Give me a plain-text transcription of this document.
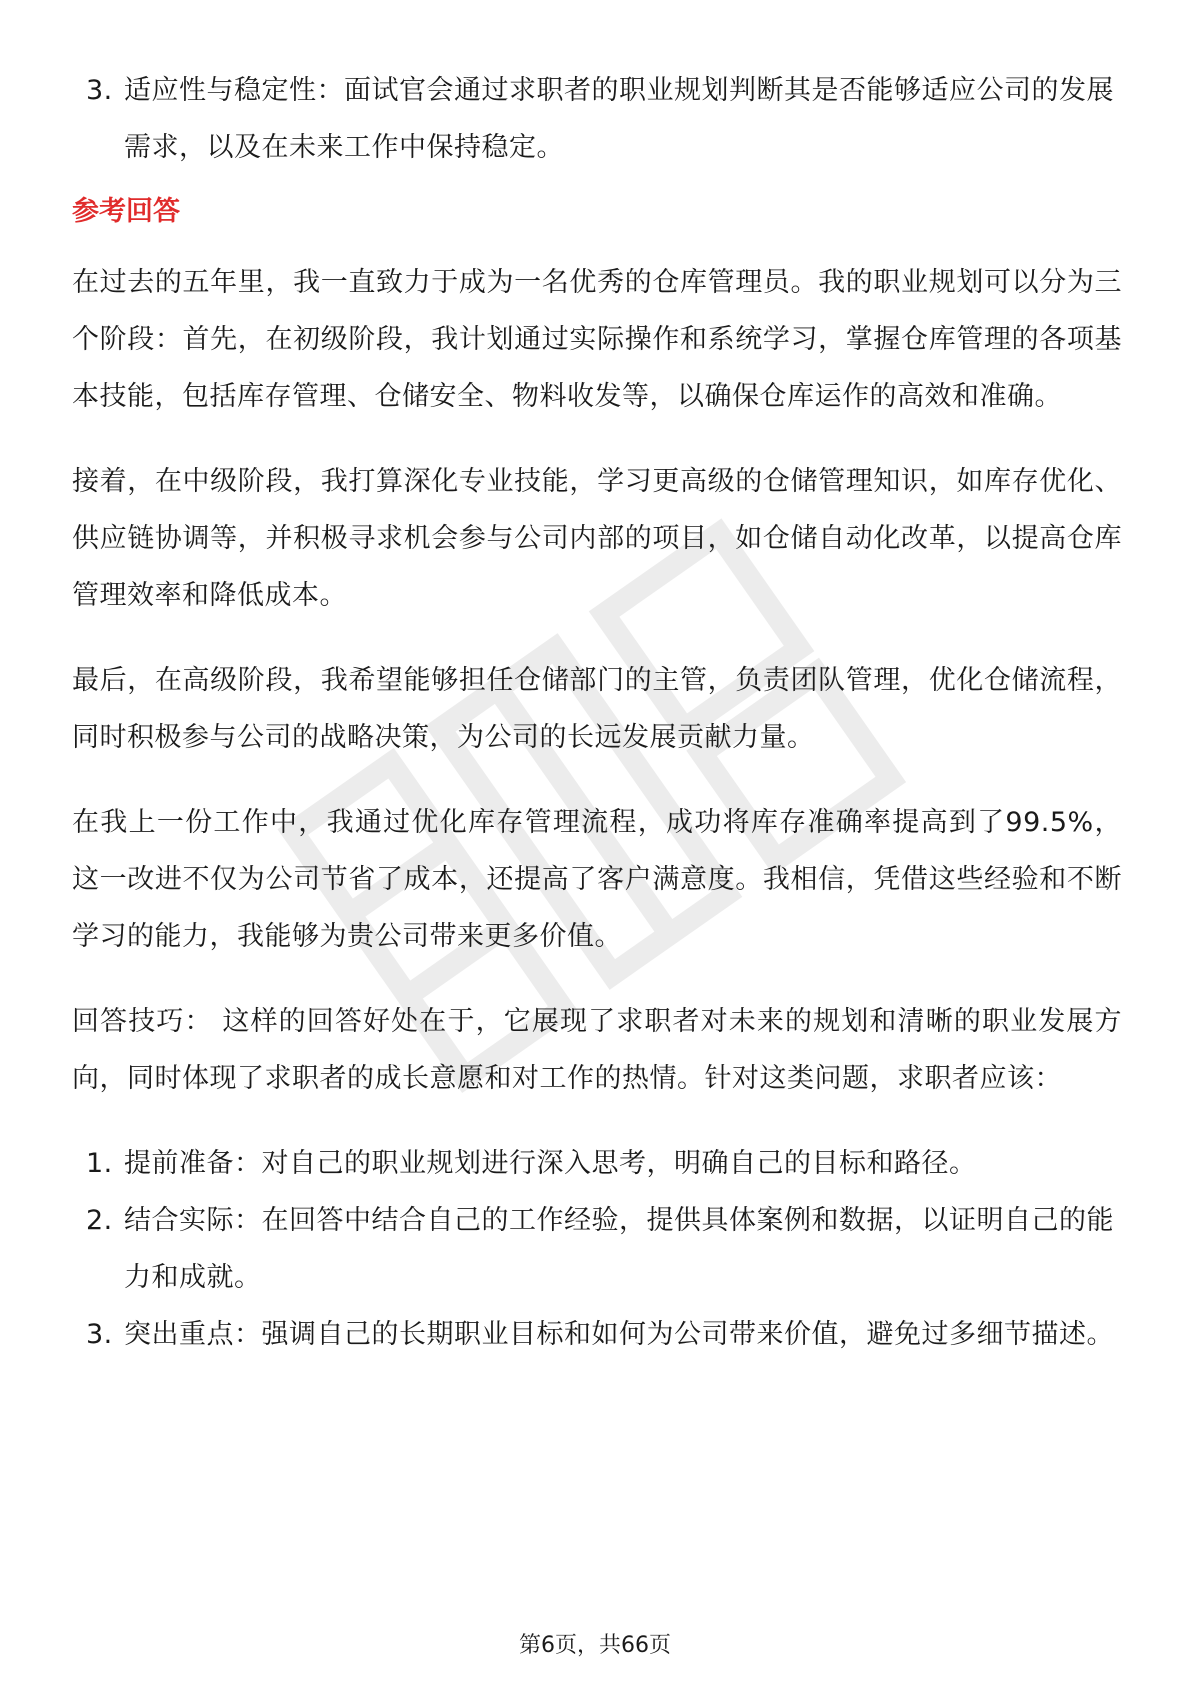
3. 适应性与稳定性：面试官会通过求职者的职业规划判断其是否能够适应公司的发展需求，以及在未来工作中保持稳定。
参考回答

在过去的五年里，我一直致力于成为一名优秀的仓库管理员。我的职业规划可以分为三个阶段：首先，在初级阶段，我计划通过实际操作和系统学习，掌握仓库管理的各项基本技能，包括库存管理、仓储安全、物料收发等，以确保仓库运作的高效和准确。

接着，在中级阶段，我打算深化专业技能，学习更高级的仓储管理知识，如库存优化、供应链协调等，并积极寻求机会参与公司内部的项目，如仓储自动化改革，以提高仓库管理效率和降低成本。

最后，在高级阶段，我希望能够担任仓储部门的主管，负责团队管理，优化仓储流程，同时积极参与公司的战略决策，为公司的长远发展贡献力量。

在我上一份工作中，我通过优化库存管理流程，成功将库存准确率提高到了99.5%，这一改进不仅为公司节省了成本，还提高了客户满意度。我相信，凭借这些经验和不断学习的能力，我能够为贵公司带来更多价值。

回答技巧： 这样的回答好处在于，它展现了求职者对未来的规划和清晰的职业发展方向，同时体现了求职者的成长意愿和对工作的热情。针对这类问题，求职者应该：

1. 提前准备：对自己的职业规划进行深入思考，明确自己的目标和路径。
2. 结合实际：在回答中结合自己的工作经验，提供具体案例和数据，以证明自己的能力和成就。
3. 突出重点：强调自己的长期职业目标和如何为公司带来价值，避免过多细节描述。
第6页，共66页
